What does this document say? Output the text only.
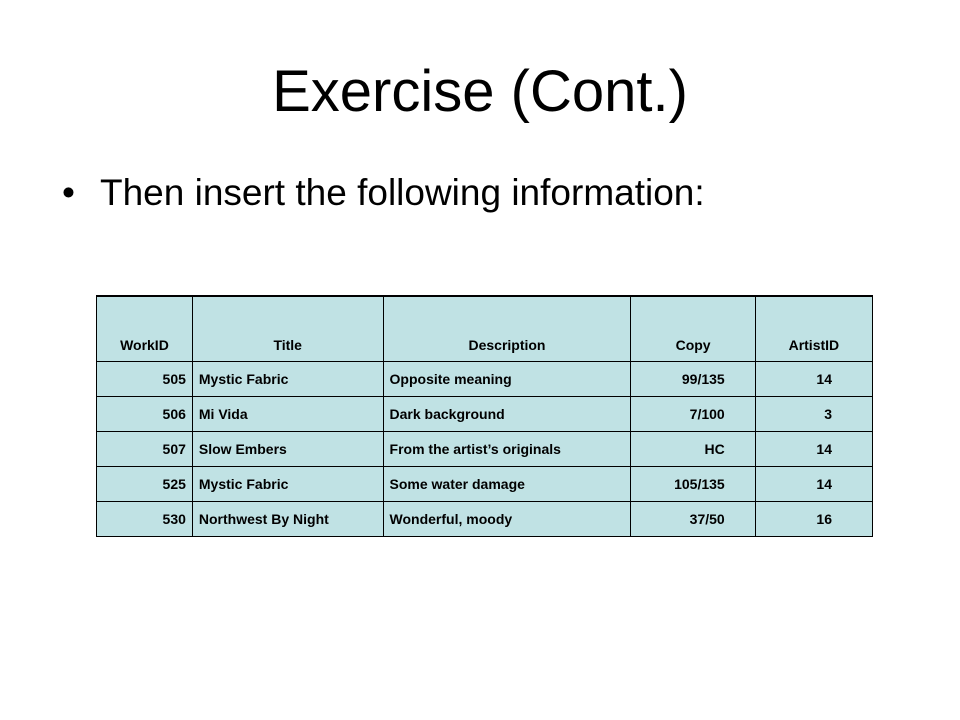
Exercise (Cont.)
• Then insert the following information:
WorkID	Title	Description	Copy	ArtistID
505	Mystic Fabric	Opposite meaning	99/135	14
506	Mi Vida	Dark background	7/100	3
507	Slow Embers	From the artist’s originals	HC	14
525	Mystic Fabric	Some water damage	105/135	14
530	Northwest By Night	Wonderful, moody	37/50	16
